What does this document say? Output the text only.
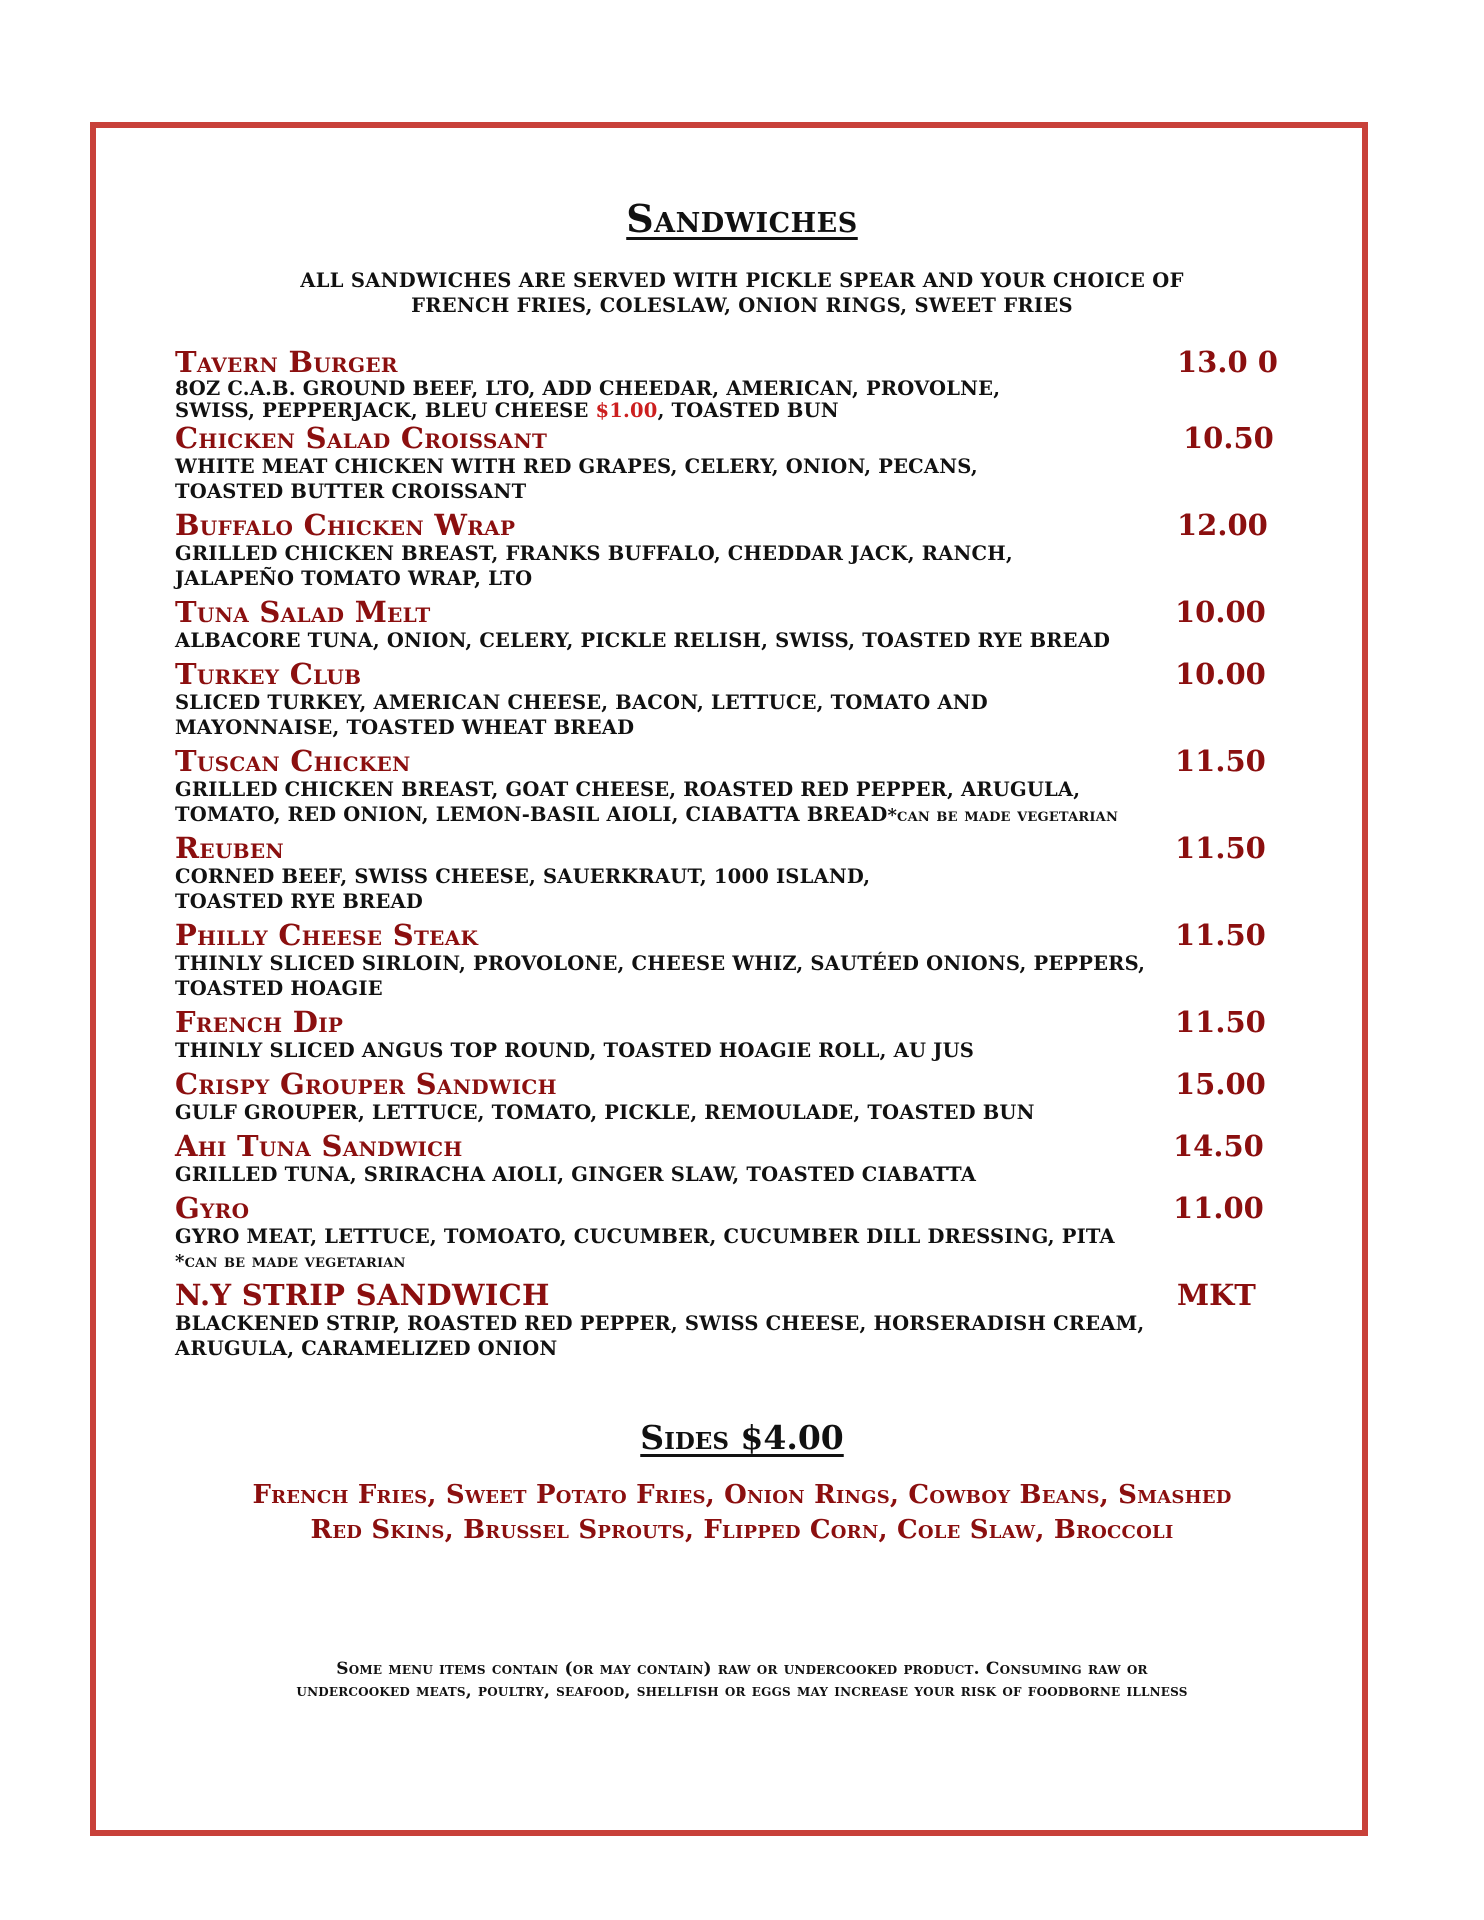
Sandwiches
ALL SANDWICHES ARE SERVED WITH PICKLE SPEAR AND YOUR CHOICE OF
FRENCH FRIES, COLESLAW, ONION RINGS, SWEET FRIES
Tavern Burger	13.0 0
8OZ C.A.B. GROUND BEEF, LTO, ADD CHEEDAR, AMERICAN, PROVOLNE,
SWISS, PEPPERJACK, BLEU CHEESE $1.00, TOASTED BUN
Chicken Salad Croissant	10.50
WHITE MEAT CHICKEN WITH RED GRAPES, CELERY, ONION, PECANS,
TOASTED BUTTER CROISSANT
Buffalo Chicken Wrap	12.00
GRILLED CHICKEN BREAST, FRANKS BUFFALO, CHEDDAR JACK, RANCH,
JALAPEÑO TOMATO WRAP, LTO
Tuna Salad Melt	10.00
ALBACORE TUNA, ONION, CELERY, PICKLE RELISH, SWISS, TOASTED RYE BREAD
Turkey Club	10.00
SLICED TURKEY, AMERICAN CHEESE, BACON, LETTUCE, TOMATO AND
MAYONNAISE, TOASTED WHEAT BREAD
Tuscan Chicken	11.50
GRILLED CHICKEN BREAST, GOAT CHEESE, ROASTED RED PEPPER, ARUGULA,
TOMATO, RED ONION, LEMON-BASIL AIOLI, CIABATTA BREAD*can be made vegetarian
Reuben	11.50
CORNED BEEF, SWISS CHEESE, SAUERKRAUT, 1000 ISLAND,
TOASTED RYE BREAD
Philly Cheese Steak	11.50
THINLY SLICED SIRLOIN, PROVOLONE, CHEESE WHIZ, SAUTÉED ONIONS, PEPPERS,
TOASTED HOAGIE
French Dip	11.50
THINLY SLICED ANGUS TOP ROUND, TOASTED HOAGIE ROLL, AU JUS
Crispy Grouper Sandwich	15.00
GULF GROUPER, LETTUCE, TOMATO, PICKLE, REMOULADE, TOASTED BUN
Ahi Tuna Sandwich	14.50
GRILLED TUNA, SRIRACHA AIOLI, GINGER SLAW, TOASTED CIABATTA
Gyro	11.00
GYRO MEAT, LETTUCE, TOMOATO, CUCUMBER, CUCUMBER DILL DRESSING, PITA
*can be made vegetarian
N.Y STRIP SANDWICH	MKT
BLACKENED STRIP, ROASTED RED PEPPER, SWISS CHEESE, HORSERADISH CREAM,
ARUGULA, CARAMELIZED ONION
Sides $4.00
French Fries, Sweet Potato Fries, Onion Rings, Cowboy Beans, Smashed
Red Skins, Brussel Sprouts, Flipped Corn, Cole Slaw, Broccoli
Some menu items contain (or may contain) raw or undercooked product. Consuming raw or
undercooked meats, poultry, seafood, shellfish or eggs may increase your risk of foodborne illness
